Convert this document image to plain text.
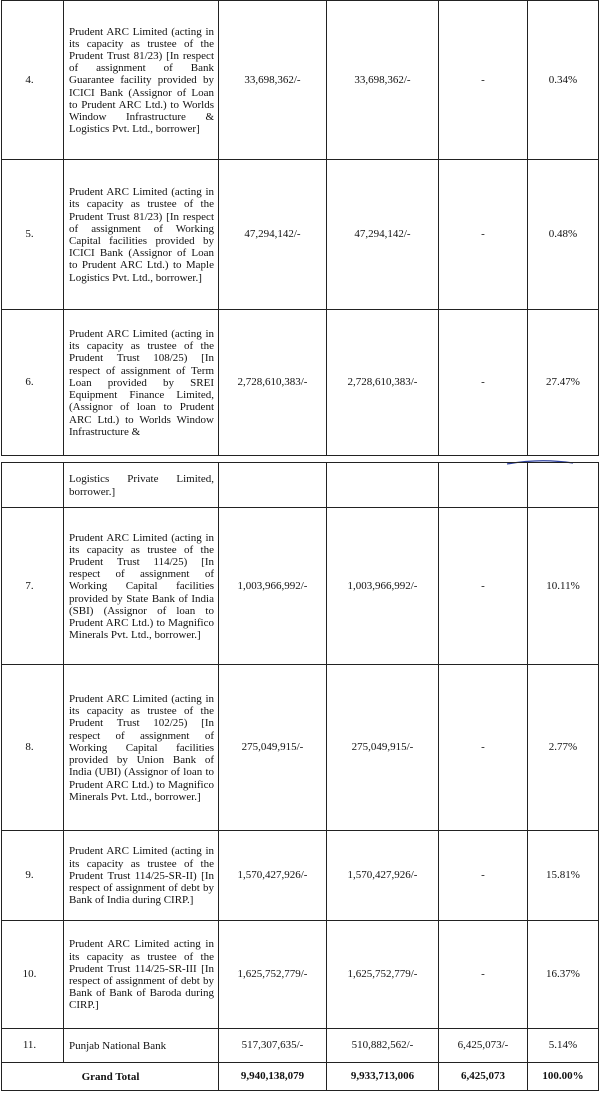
4.	Prudent ARC Limited (acting in its capacity as trustee of the Prudent Trust 81/23) [In respect of assignment of Bank Guarantee facility provided by ICICI Bank (Assignor of Loan to Prudent ARC Ltd.) to Worlds Window Infrastructure & Logistics Pvt. Ltd., borrower]	33,698,362/-	33,698,362/-	-	0.34%
5.	Prudent ARC Limited (acting in its capacity as trustee of the Prudent Trust 81/23) [In respect of assignment of Working Capital facilities provided by ICICI Bank (Assignor of Loan to Prudent ARC Ltd.) to Maple Logistics Pvt. Ltd., borrower.]	47,294,142/-	47,294,142/-	-	0.48%
6.	Prudent ARC Limited (acting in its capacity as trustee of the Prudent Trust 108/25) [In respect of assignment of Term Loan provided by SREI Equipment Finance Limited, (Assignor of loan to Prudent ARC Ltd.) to Worlds Window Infrastructure &	2,728,610,383/-	2,728,610,383/-	-	27.47%
	Logistics Private Limited, borrower.]				
7.	Prudent ARC Limited (acting in its capacity as trustee of the Prudent Trust 114/25) [In respect of assignment of Working Capital facilities provided by State Bank of India (SBI) (Assignor of loan to Prudent ARC Ltd.) to Magnifico Minerals Pvt. Ltd., borrower.]	1,003,966,992/-	1,003,966,992/-	-	10.11%
8.	Prudent ARC Limited (acting in its capacity as trustee of the Prudent Trust 102/25) [In respect of assignment of Working Capital facilities provided by Union Bank of India (UBI) (Assignor of loan to Prudent ARC Ltd.) to Magnifico Minerals Pvt. Ltd., borrower.]	275,049,915/-	275,049,915/-	-	2.77%
9.	Prudent ARC Limited (acting in its capacity as trustee of the Prudent Trust 114/25-SR-II) [In respect of assignment of debt by Bank of India during CIRP.]	1,570,427,926/-	1,570,427,926/-	-	15.81%
10.	Prudent ARC Limited acting in its capacity as trustee of the Prudent Trust 114/25-SR-III [In respect of assignment of debt by Bank of Bank of Baroda during CIRP.]	1,625,752,779/-	1,625,752,779/-	-	16.37%
11.	Punjab National Bank	517,307,635/-	510,882,562/-	6,425,073/-	5.14%
Grand Total		9,940,138,079	9,933,713,006	6,425,073	100.00%
